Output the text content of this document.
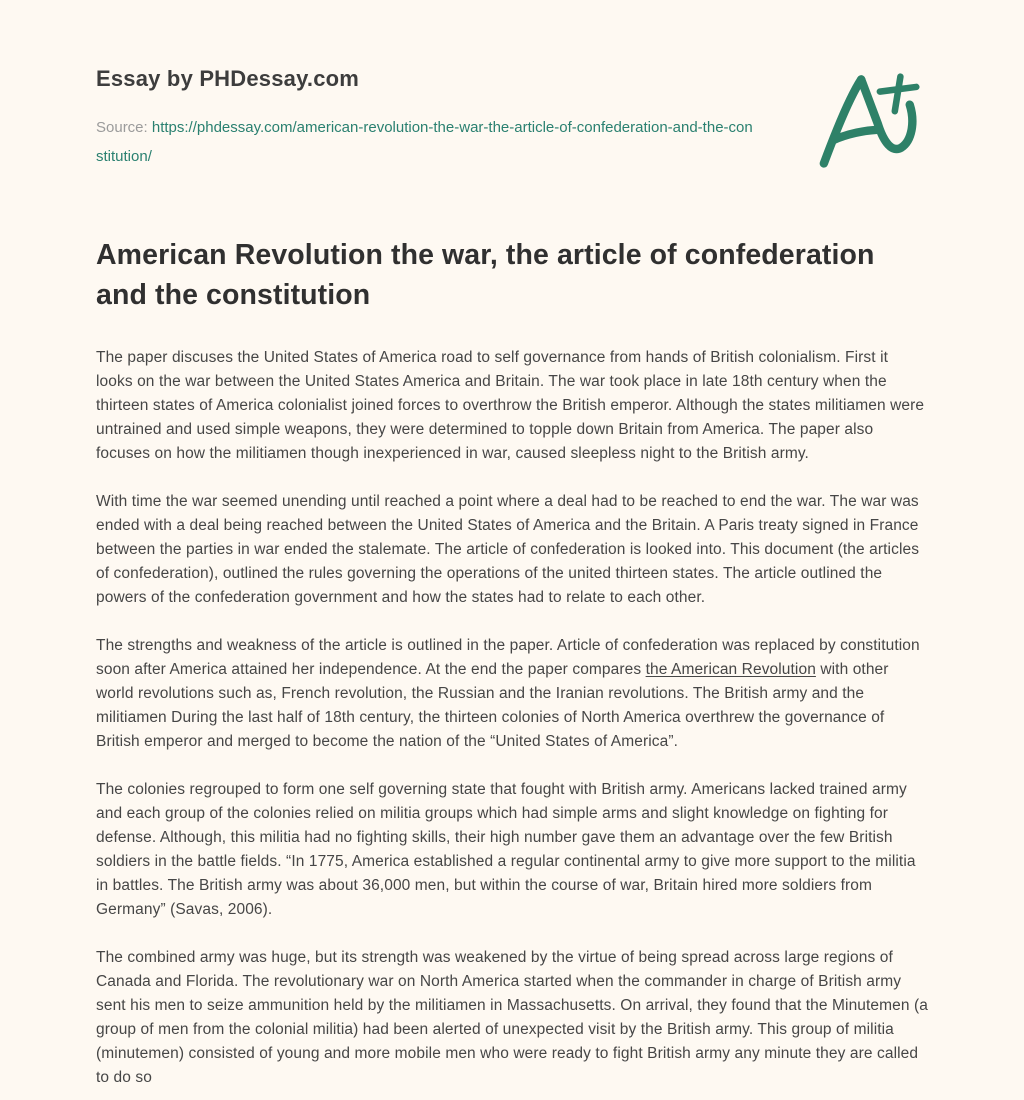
Essay by PHDessay.com
Source: https://phdessay.com/american-revolution-the-war-the-article-of-confederation-and-the-constitution/
American Revolution the war, the article of confederation and the constitution

The paper discuses the United States of America road to self governance from hands of British colonialism. First it looks on the war between the United States America and Britain. The war took place in late 18th century when the thirteen states of America colonialist joined forces to overthrow the British emperor. Although the states militiamen were untrained and used simple weapons, they were determined to topple down Britain from America. The paper also focuses on how the militiamen though inexperienced in war, caused sleepless night to the British army.

With time the war seemed unending until reached a point where a deal had to be reached to end the war. The war was ended with a deal being reached between the United States of America and the Britain. A Paris treaty signed in France between the parties in war ended the stalemate. The article of confederation is looked into. This document (the articles of confederation), outlined the rules governing the operations of the united thirteen states. The article outlined the powers of the confederation government and how the states had to relate to each other.

The strengths and weakness of the article is outlined in the paper. Article of confederation was replaced by constitution soon after America attained her independence. At the end the paper compares the American Revolution with other world revolutions such as, French revolution, the Russian and the Iranian revolutions. The British army and the militiamen During the last half of 18th century, the thirteen colonies of North America overthrew the governance of British emperor and merged to become the nation of the “United States of America”.

The colonies regrouped to form one self governing state that fought with British army. Americans lacked trained army and each group of the colonies relied on militia groups which had simple arms and slight knowledge on fighting for defense. Although, this militia had no fighting skills, their high number gave them an advantage over the few British soldiers in the battle fields. “In 1775, America established a regular continental army to give more support to the militia in battles. The British army was about 36,000 men, but within the course of war, Britain hired more soldiers from Germany” (Savas, 2006).

The combined army was huge, but its strength was weakened by the virtue of being spread across large regions of Canada and Florida. The revolutionary war on North America started when the commander in charge of British army sent his men to seize ammunition held by the militiamen in Massachusetts. On arrival, they found that the Minutemen (a group of men from the colonial militia) had been alerted of unexpected visit by the British army. This group of militia (minutemen) consisted of young and more mobile men who were ready to fight British army any minute they are called to do so
